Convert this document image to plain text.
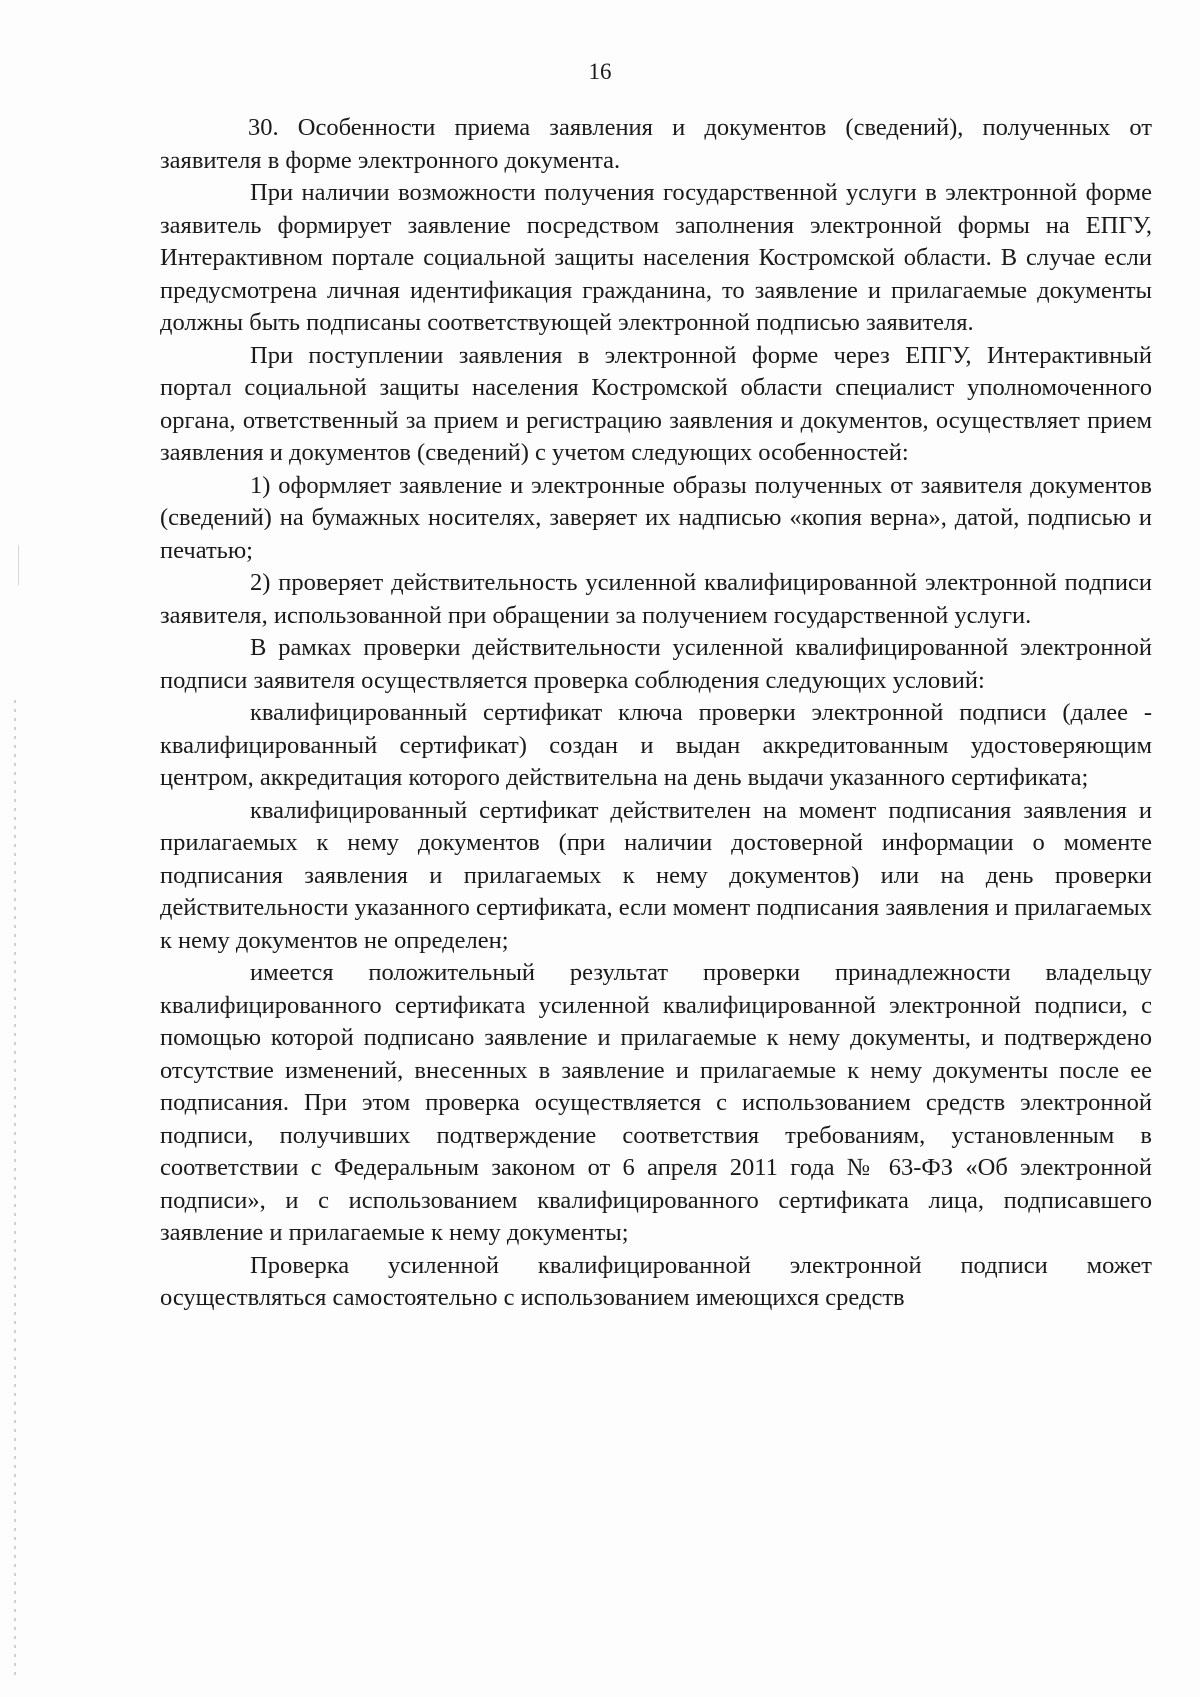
16

30. Особенности приема заявления и документов (сведений), полученных от заявителя в форме электронного документа.

При наличии возможности получения государственной услуги в электронной форме заявитель формирует заявление посредством заполнения электронной формы на ЕПГУ, Интерактивном портале социальной защиты населения Костромской области. В случае если предусмотрена личная идентификация гражданина, то заявление и прилагаемые документы должны быть подписаны соответствующей электронной подписью заявителя.

При поступлении заявления в электронной форме через ЕПГУ, Интерактивный портал социальной защиты населения Костромской области специалист уполномоченного органа, ответственный за прием и регистрацию заявления и документов, осуществляет прием заявления и документов (сведений) с учетом следующих особенностей:

1) оформляет заявление и электронные образы полученных от заявителя документов (сведений) на бумажных носителях, заверяет их надписью «копия верна», датой, подписью и печатью;

2) проверяет действительность усиленной квалифицированной электронной подписи заявителя, использованной при обращении за получением государственной услуги.

В рамках проверки действительности усиленной квалифицированной электронной подписи заявителя осуществляется проверка соблюдения следующих условий:

квалифицированный сертификат ключа проверки электронной подписи (далее - квалифицированный сертификат) создан и выдан аккредитованным удостоверяющим центром, аккредитация которого действительна на день выдачи указанного сертификата;

квалифицированный сертификат действителен на момент подписания заявления и прилагаемых к нему документов (при наличии достоверной информации о моменте подписания заявления и прилагаемых к нему документов) или на день проверки действительности указанного сертификата, если момент подписания заявления и прилагаемых к нему документов не определен;

имеется положительный результат проверки принадлежности владельцу квалифицированного сертификата усиленной квалифицированной электронной подписи, с помощью которой подписано заявление и прилагаемые к нему документы, и подтверждено отсутствие изменений, внесенных в заявление и прилагаемые к нему документы после ее подписания. При этом проверка осуществляется с использованием средств электронной подписи, получивших подтверждение соответствия требованиям, установленным в соответствии с Федеральным законом от 6 апреля 2011 года № 63-ФЗ «Об электронной подписи», и с использованием квалифицированного сертификата лица, подписавшего заявление и прилагаемые к нему документы;

Проверка усиленной квалифицированной электронной подписи может осуществляться самостоятельно с использованием имеющихся средств
